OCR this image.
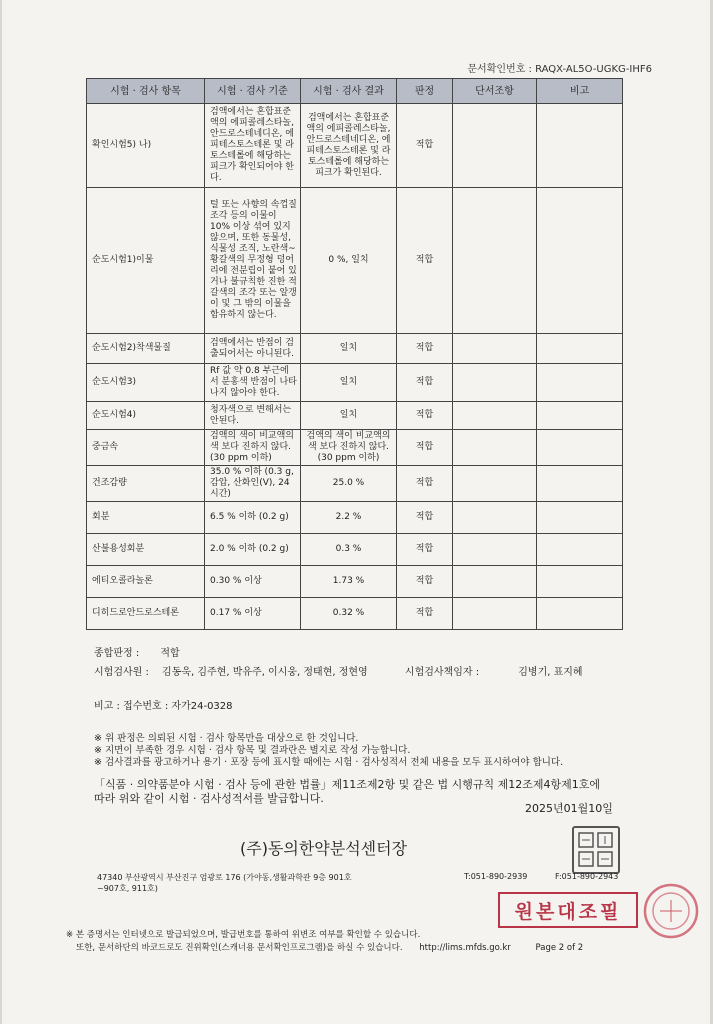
문서확인번호 : RAQX-AL5O-UGKG-IHF6
시험 · 검사 항목	시험 · 검사 기준	시험 · 검사 결과	판정	단서조항	비고
확인시험5) 나)	검액에서는 혼합표준액의 에피콜레스타놀, 안드로스테네디온, 에피테스토스테론 및 라토스테롤에 해당하는 피크가 확인되어야 한다.	검액에서는 혼합표준액의 에피콜레스타놀, 안드로스테네디온, 에피테스토스테론 및 라토스테롤에 해당하는 피크가 확인된다.	적합		
순도시험1)이물	털 또는 사향의 속껍질조각 등의 이물이 10% 이상 섞여 있지 않으며, 또한 동물성, 식물성 조직, 노란색~황갈색의 무정형 덩어리에 전분립이 붙어 있거나 불규칙한 진한 적갈색의 조각 또는 알갱이 및 그 밖의 이물을 함유하지 않는다.	0 %, 일치	적합		
순도시험2)착색물질	검액에서는 반점이 검출되어서는 아니된다.	일치	적합		
순도시험3)	Rf 값 약 0.8 부근에서 분홍색 반점이 나타나지 않아야 한다.	일치	적합		
순도시험4)	청자색으로 변해서는 안된다.	일치	적합		
중금속	검액의 색이 비교액의 색 보다 진하지 않다. (30 ppm 이하)	검액의 색이 비교액의 색 보다 진하지 않다. (30 ppm 이하)	적합		
건조감량	35.0 % 이하 (0.3 g, 감압, 산화인(V), 24시간)	25.0 %	적합		
회분	6.5 % 이하 (0.2 g)	2.2 %	적합		
산불용성회분	2.0 % 이하 (0.2 g)	0.3 %	적합		
에티오콜라놀론	0.30 % 이상	1.73 %	적합		
디히드로안드로스테론	0.17 % 이상	0.32 %	적합		
종합판정 : 적합
시험검사원 : 김동욱, 김주현, 박유주, 이시웅, 정태현, 정현영	시험검사책임자 :	김병기, 표지혜
비고 : 접수번호 : 자가24-0328
※ 위 판정은 의뢰된 시험 · 검사 항목만을 대상으로 한 것입니다.
※ 지면이 부족한 경우 시험 · 검사 항목 및 결과란은 별지로 작성 가능합니다.
※ 검사결과를 광고하거나 용기 · 포장 등에 표시할 때에는 시험 · 검사성적서 전체 내용을 모두 표시하여야 합니다.
「식품 · 의약품분야 시험 · 검사 등에 관한 법률」제11조제2항 및 같은 법 시행규칙 제12조제4항제1호에
따라 위와 같이 시험 · 검사성적서를 발급합니다.
2025년01월10일
(주)동의한약분석센터장
47340 부산광역시 부산진구 엄광로 176 (가야동,생활과학관 9층 901호~907호, 911호)
T:051-890-2939	F:051-890-2943
원본대조필
※ 본 증명서는 인터넷으로 발급되었으며, 발급번호를 통하여 위변조 여부를 확인할 수 있습니다.
또한, 문서하단의 바코드로도 진위확인(스캐너용 문서확인프로그램)을 하실 수 있습니다. http://lims.mfds.go.kr	Page 2 of 2
